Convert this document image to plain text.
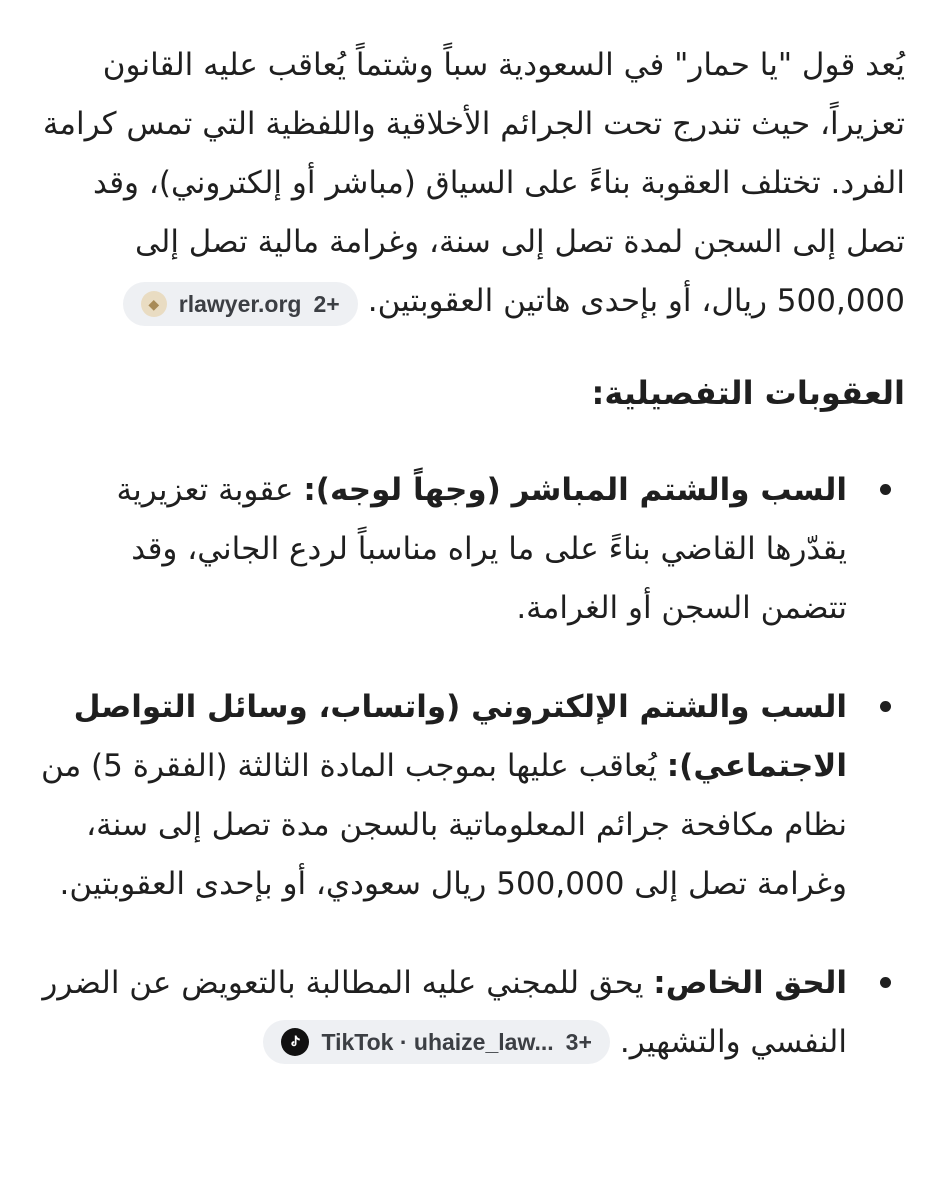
يُعد قول "يا حمار" في السعودية سباً وشتماً يُعاقب عليه القانون تعزيراً، حيث تندرج تحت الجرائم الأخلاقية واللفظية التي تمس كرامة الفرد. تختلف العقوبة بناءً على السياق (مباشر أو إلكتروني)، وقد تصل إلى السجن لمدة تصل إلى سنة، وغرامة مالية تصل إلى 500,000 ريال، أو بإحدى هاتين العقوبتين.
◆ rlawyer.org 2+

العقوبات التفصيلية:

السب والشتم المباشر (وجهاً لوجه): عقوبة تعزيرية يقدّرها القاضي بناءً على ما يراه مناسباً لردع الجاني، وقد تتضمن السجن أو الغرامة.

السب والشتم الإلكتروني (واتساب، وسائل التواصل الاجتماعي): يُعاقب عليها بموجب المادة الثالثة (الفقرة 5) من نظام مكافحة جرائم المعلوماتية بالسجن مدة تصل إلى سنة، وغرامة تصل إلى 500,000 ريال سعودي، أو بإحدى العقوبتين.

الحق الخاص: يحق للمجني عليه المطالبة بالتعويض عن الضرر النفسي والتشهير.
TikTok · uhaize_law... 3+
